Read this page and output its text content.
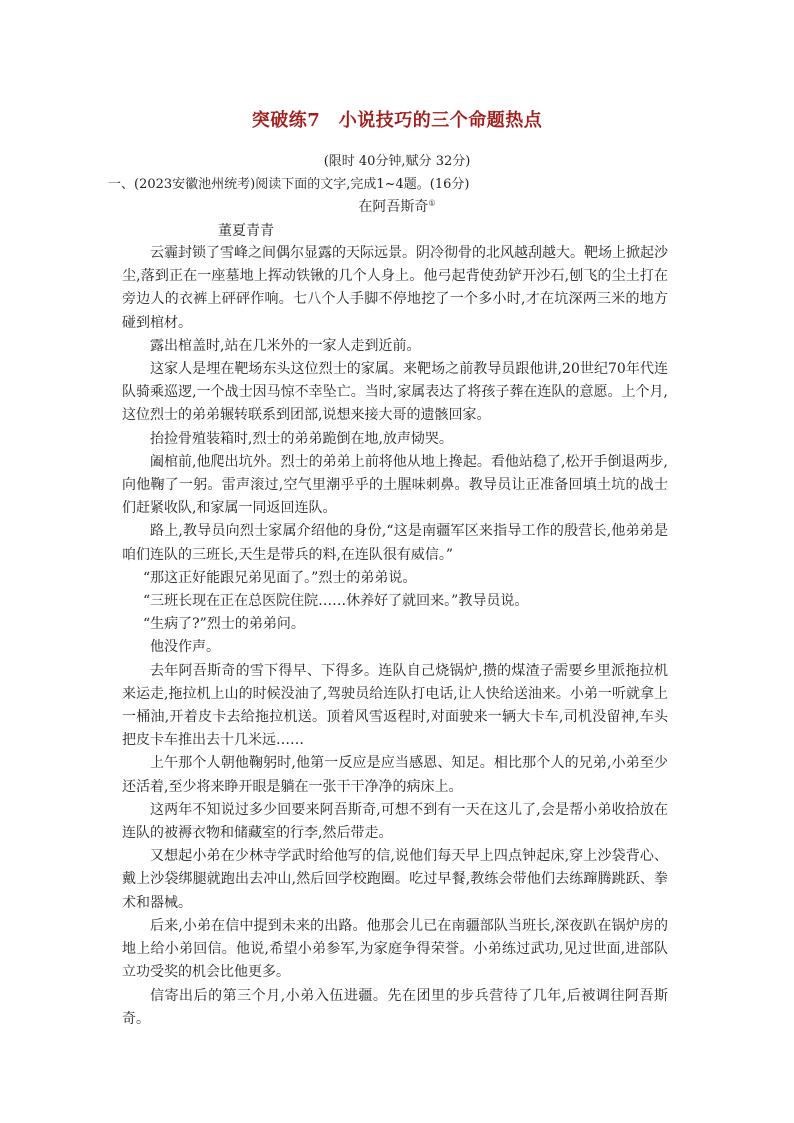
突破练7　小说技巧的三个命题热点
(限时 40分钟,赋分 32分)
一、(2023安徽池州统考)阅读下面的文字,完成1~4题。(16分)
在阿吾斯奇①
董夏青青

云霾封锁了雪峰之间偶尔显露的天际远景。阴冷彻骨的北风越刮越大。靶场上掀起沙尘,落到正在一座墓地上挥动铁锹的几个人身上。他弓起背使劲铲开沙石,刨飞的尘土打在旁边人的衣裤上砰砰作响。七八个人手脚不停地挖了一个多小时,才在坑深两三米的地方碰到棺材。

露出棺盖时,站在几米外的一家人走到近前。

这家人是埋在靶场东头这位烈士的家属。来靶场之前教导员跟他讲,20世纪70年代连队骑乘巡逻,一个战士因马惊不幸坠亡。当时,家属表达了将孩子葬在连队的意愿。上个月,这位烈士的弟弟辗转联系到团部,说想来接大哥的遗骸回家。

抬捡骨殖装箱时,烈士的弟弟跪倒在地,放声恸哭。

阖棺前,他爬出坑外。烈士的弟弟上前将他从地上搀起。看他站稳了,松开手倒退两步,向他鞠了一躬。雷声滚过,空气里潮乎乎的土腥味刺鼻。教导员让正准备回填土坑的战士们赶紧收队,和家属一同返回连队。

路上,教导员向烈士家属介绍他的身份,“这是南疆军区来指导工作的殷营长,他弟弟是咱们连队的三班长,天生是带兵的料,在连队很有威信。”

“那这正好能跟兄弟见面了。”烈士的弟弟说。

“三班长现在正在总医院住院……休养好了就回来。”教导员说。

“生病了?”烈士的弟弟问。

他没作声。

去年阿吾斯奇的雪下得早、下得多。连队自己烧锅炉,攒的煤渣子需要乡里派拖拉机来运走,拖拉机上山的时候没油了,驾驶员给连队打电话,让人快给送油来。小弟一听就拿上一桶油,开着皮卡去给拖拉机送。顶着风雪返程时,对面驶来一辆大卡车,司机没留神,车头把皮卡车推出去十几米远……

上午那个人朝他鞠躬时,他第一反应是应当感恩、知足。相比那个人的兄弟,小弟至少还活着,至少将来睁开眼是躺在一张干干净净的病床上。

这两年不知说过多少回要来阿吾斯奇,可想不到有一天在这儿了,会是帮小弟收拾放在连队的被褥衣物和储藏室的行李,然后带走。

又想起小弟在少林寺学武时给他写的信,说他们每天早上四点钟起床,穿上沙袋背心、戴上沙袋绑腿就跑出去冲山,然后回学校跑圈。吃过早餐,教练会带他们去练蹿腾跳跃、拳术和器械。

后来,小弟在信中提到未来的出路。他那会儿已在南疆部队当班长,深夜趴在锅炉房的地上给小弟回信。他说,希望小弟参军,为家庭争得荣誉。小弟练过武功,见过世面,进部队立功受奖的机会比他更多。

信寄出后的第三个月,小弟入伍进疆。先在团里的步兵营待了几年,后被调往阿吾斯奇。
